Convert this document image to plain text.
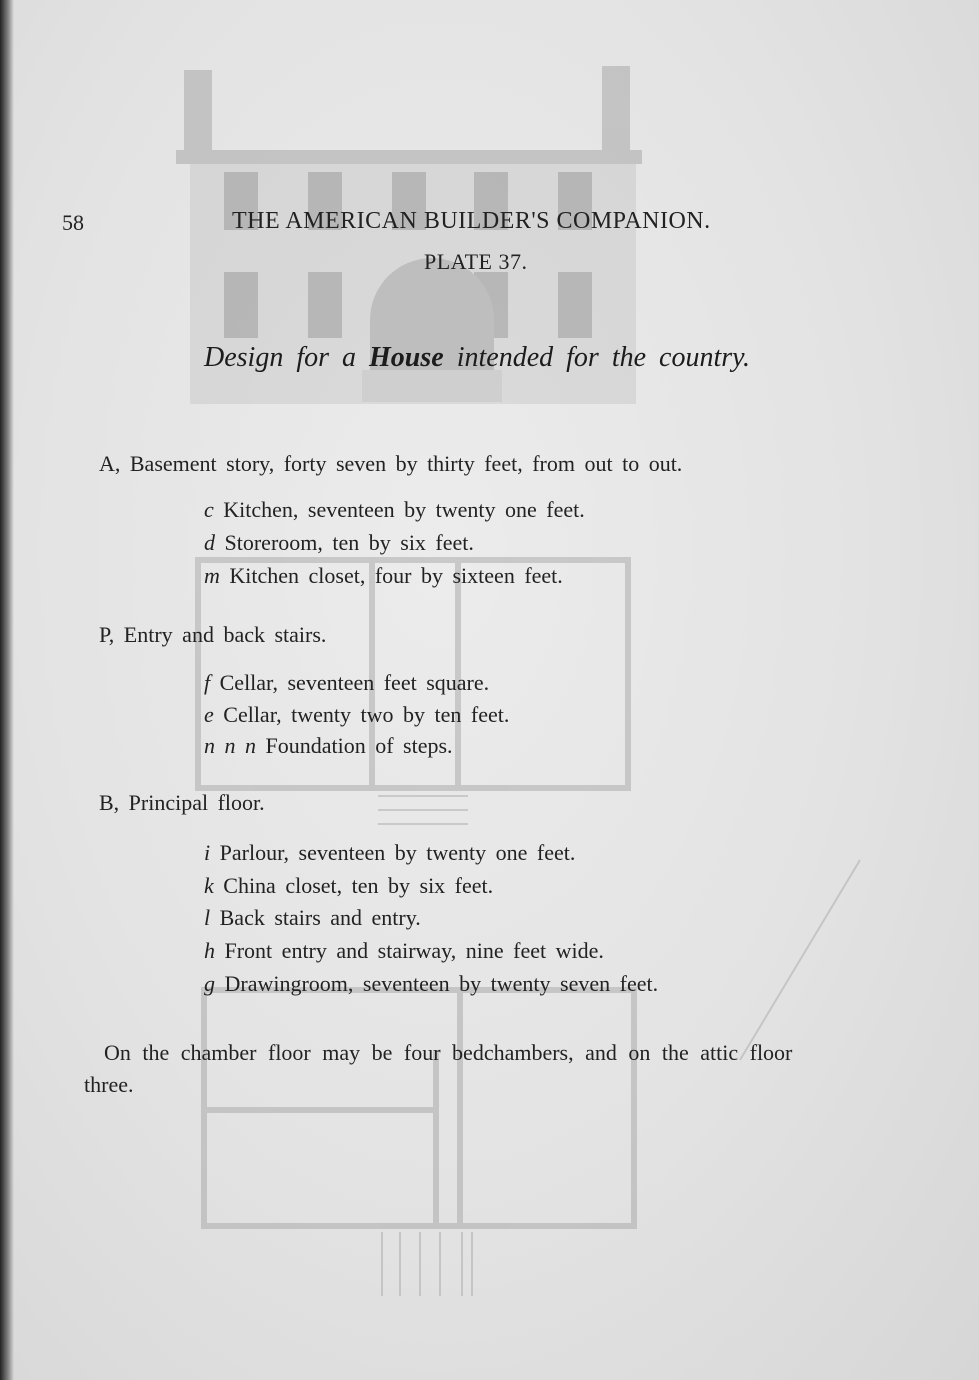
58	THE AMERICAN BUILDER'S COMPANION.
PLATE 37.
Design for a House intended for the country.
A, Basement story, forty seven by thirty feet, from out to out.
c Kitchen, seventeen by twenty one feet.
d Storeroom, ten by six feet.
m Kitchen closet, four by sixteen feet.
P, Entry and back stairs.
f Cellar, seventeen feet square.
e Cellar, twenty two by ten feet.
n n n Foundation of steps.
B, Principal floor.
i Parlour, seventeen by twenty one feet.
k China closet, ten by six feet.
l Back stairs and entry.
h Front entry and stairway, nine feet wide.
g Drawingroom, seventeen by twenty seven feet.
On the chamber floor may be four bedchambers, and on the attic floor
three.
